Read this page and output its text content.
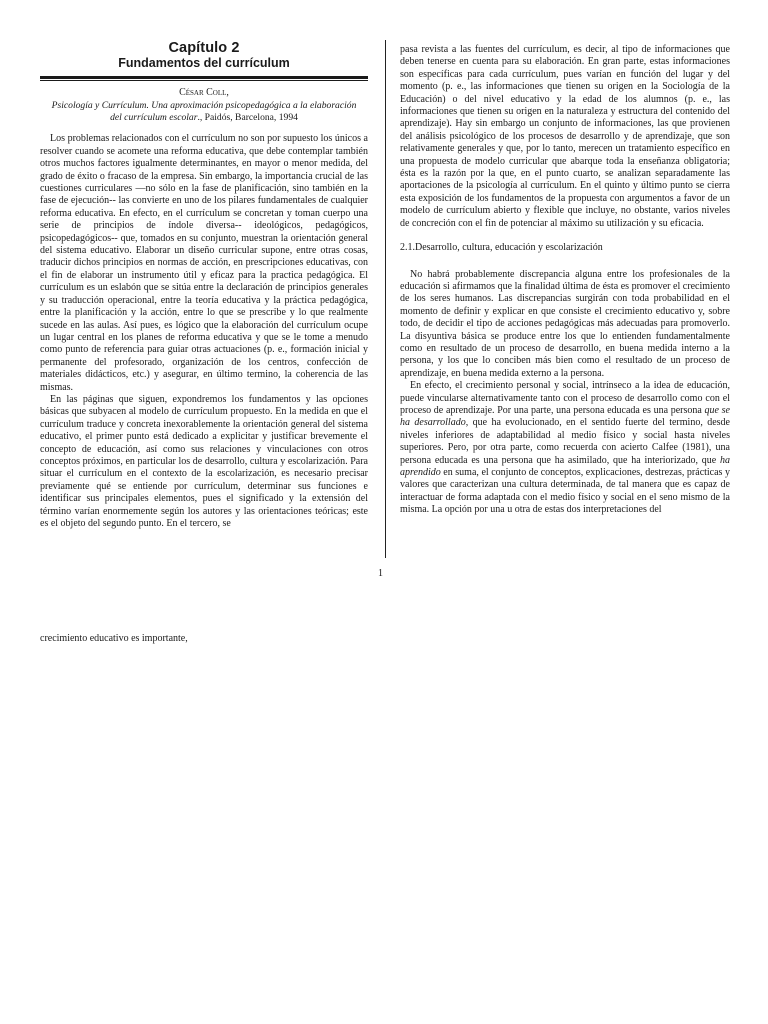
Capítulo 2
Fundamentos del currículum
César Coll,
Psicología y Currículum. Una aproximación psicopedagógica a la elaboración del currículum escolar., Paidós, Barcelona, 1994

Los problemas relacionados con el currículum no son por supuesto los únicos a resolver cuando se acomete una reforma educativa, que debe contemplar también otros muchos factores igualmente determinantes, en mayor o menor medida, del grado de éxito o fracaso de la empresa. Sin embargo, la importancia crucial de las cuestiones curriculares —no sólo en la fase de planificación, sino también en la fase de ejecución-- las convierte en uno de los pilares fundamentales de cualquier reforma educativa. En efecto, en el currículum se concretan y toman cuerpo una serie de principios de índole diversa-- ideológicos, pedagógicos, psicopedagógicos-- que, tomados en su conjunto, muestran la orientación general del sistema educativo. Elaborar un diseño curricular supone, entre otras cosas, traducir dichos principios en normas de acción, en prescripciones educativas, con el fin de elaborar un instrumento útil y eficaz para la practica pedagógica. El currículum es un eslabón que se sitúa entre la declaración de principios generales y su traducción operacional, entre la teoría educativa y la práctica pedagógica, entre la planificación y la acción, entre lo que se prescribe y lo que realmente sucede en las aulas. Así pues, es lógico que la elaboración del currículum ocupe un lugar central en los planes de reforma educativa y que se le tome a menudo como punto de referencia para guiar otras actuaciones (p. e., formación inicial y permanente del profesorado, organización de los centros, confección de materiales didácticos, etc.) y asegurar, en último termino, la coherencia de las mismas.

En las páginas que siguen, expondremos los fundamentos y las opciones básicas que subyacen al modelo de currículum propuesto. En la medida en que el currículum traduce y concreta inexorablemente la orientación general del sistema educativo, el primer punto está dedicado a explicitar y justificar brevemente el concepto de educación, así como sus relaciones y vinculaciones con otros conceptos próximos, en particular los de desarrollo, cultura y escolarización. Para situar el currículum en el contexto de la escolarización, es necesario precisar previamente qué se entiende por currículum, determinar sus funciones e identificar sus principales elementos, pues el significado y la extensión del término varían enormemente según los autores y las orientaciones teóricas; este es el objeto del segundo punto. En el tercero, se

pasa revista a las fuentes del currículum, es decir, al tipo de informaciones que deben tenerse en cuenta para su elaboración. En gran parte, estas informaciones son específicas para cada currículum, pues varían en función del lugar y del momento (p. e., las informaciones que tienen su origen en la Sociología de la Educación) o del nivel educativo y la edad de los alumnos (p. e., las informaciones que tienen su origen en la naturaleza y estructura del contenido del aprendizaje). Hay sin embargo un conjunto de informaciones, las que provienen del análisis psicológico de los procesos de desarrollo y de aprendizaje, que son relativamente generales y que, por lo tanto, merecen un tratamiento específico en una propuesta de modelo curricular que abarque toda la enseñanza obligatoria; ésta es la razón por la que, en el punto cuarto, se analizan separadamente las aportaciones de la psicología al currículum. En el quinto y último punto se cierra esta exposición de los fundamentos de la propuesta con argumentos a favor de un modelo de currículum abierto y flexible que incluye, no obstante, varios niveles de concreción con el fin de potenciar al máximo su utilización y su eficacia.

2.1.Desarrollo, cultura, educación y escolarización

No habrá probablemente discrepancia alguna entre los profesionales de la educación si afirmamos que la finalidad última de ésta es promover el crecimiento de los seres humanos. Las discrepancias surgirán con toda probabilidad en el momento de definir y explicar en que consiste el crecimiento educativo y, sobre todo, de decidir el tipo de acciones pedagógicas más adecuadas para promoverlo. La disyuntiva básica se produce entre los que lo entienden fundamentalmente como en resultado de un proceso de desarrollo, en buena medida interno a la persona, y los que lo conciben más bien como el resultado de un proceso de aprendizaje, en buena medida externo a la persona.

En efecto, el crecimiento personal y social, intrínseco a la idea de educación, puede vincularse alternativamente tanto con el proceso de desarrollo como con el proceso de aprendizaje. Por una parte, una persona educada es una persona que se ha desarrollado, que ha evolucionado, en el sentido fuerte del termino, desde niveles inferiores de adaptabilidad al medio físico y social hasta niveles superiores. Pero, por otra parte, como recuerda con acierto Calfee (1981), una persona educada es una persona que ha asimilado, que ha interiorizado, que ha aprendido en suma, el conjunto de conceptos, explicaciones, destrezas, prácticas y valores que caracterizan una cultura determinada, de tal manera que es capaz de interactuar de forma adaptada con el medio físico y social en el seno mismo de la misma. La opción por una u otra de estas dos interpretaciones del

1
crecimiento educativo es importante,
